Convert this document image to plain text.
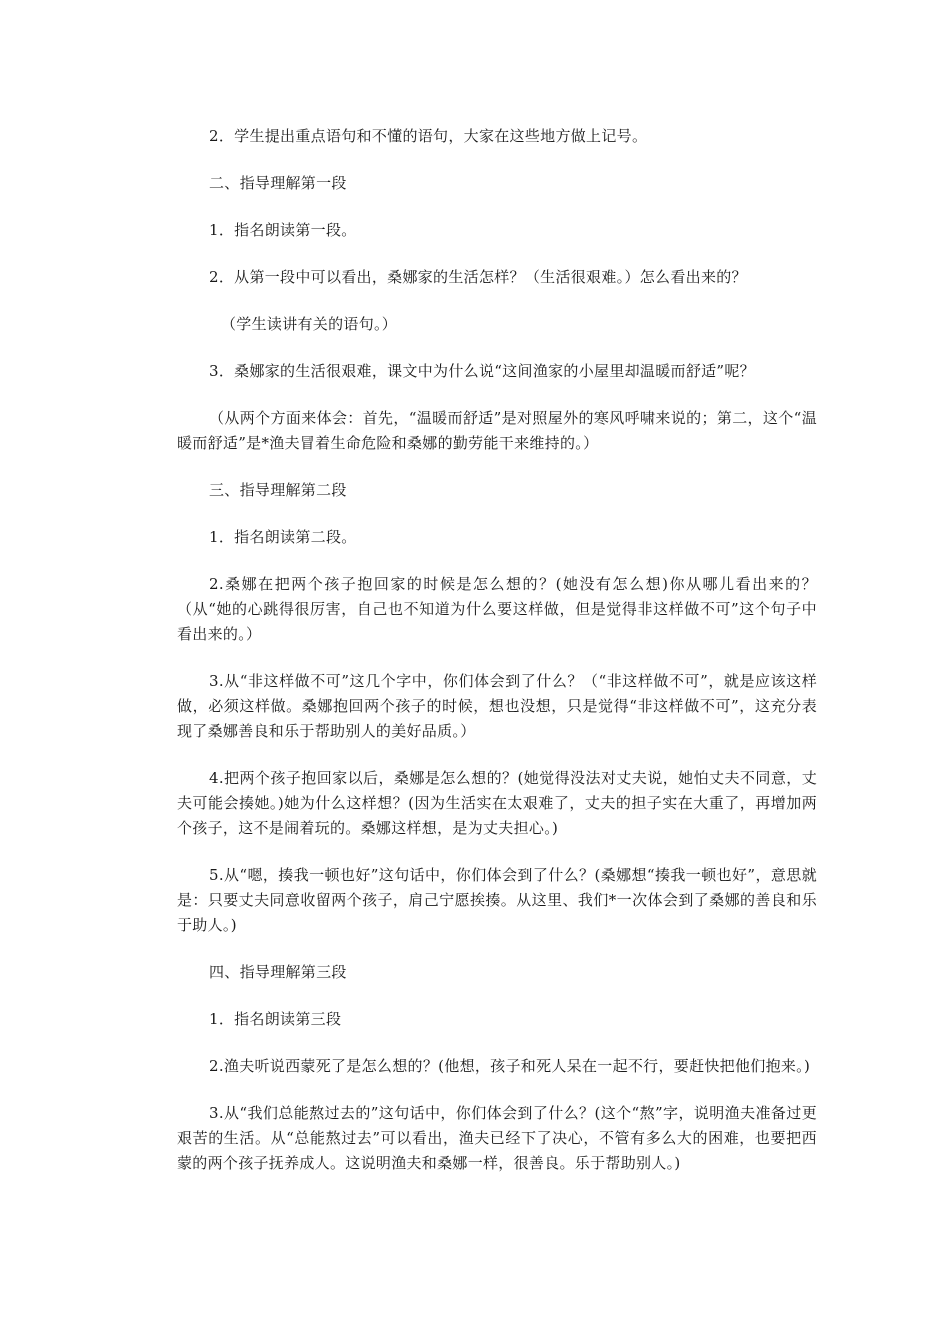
2．学生提出重点语句和不懂的语句，大家在这些地方做上记号。

二、指导理解第一段

1．指名朗读第一段。

2．从第一段中可以看出，桑娜家的生活怎样？（生活很艰难。）怎么看出来的？

（学生读讲有关的语句。）

3．桑娜家的生活很艰难，课文中为什么说“这间渔家的小屋里却温暖而舒适”呢？

（从两个方面来体会：首先，“温暖而舒适”是对照屋外的寒风呼啸来说的；第二，这个“温暖而舒适”是*渔夫冒着生命危险和桑娜的勤劳能干来维持的。）

三、指导理解第二段

1．指名朗读第二段。

2.桑娜在把两个孩子抱回家的时候是怎么想的？(她没有怎么想)你从哪儿看出来的？（从“她的心跳得很厉害，自己也不知道为什么要这样做，但是觉得非这样做不可”这个句子中看出来的。）

3.从“非这样做不可”这几个字中，你们体会到了什么？（“非这样做不可”，就是应该这样做，必须这样做。桑娜抱回两个孩子的时候，想也没想，只是觉得“非这样做不可”，这充分表现了桑娜善良和乐于帮助别人的美好品质。）

4.把两个孩子抱回家以后，桑娜是怎么想的？(她觉得没法对丈夫说，她怕丈夫不同意，丈夫可能会揍她。)她为什么这样想？(因为生活实在太艰难了，丈夫的担子实在大重了，再增加两个孩子，这不是闹着玩的。桑娜这样想，是为丈夫担心。)

5.从“嗯，揍我一顿也好”这句话中，你们体会到了什么？(桑娜想“揍我一顿也好”，意思就是：只要丈夫同意收留两个孩子，肩己宁愿挨揍。从这里、我们*一次体会到了桑娜的善良和乐于助人。)

四、指导理解第三段

1．指名朗读第三段

2.渔夫听说西蒙死了是怎么想的？(他想，孩子和死人呆在一起不行，要赶快把他们抱来。)

3.从“我们总能熬过去的”这句话中，你们体会到了什么？(这个“熬”字，说明渔夫准备过更艰苦的生活。从“总能熬过去”可以看出，渔夫已经下了决心，不管有多么大的困难，也要把西蒙的两个孩子抚养成人。这说明渔夫和桑娜一样，很善良。乐于帮助别人。)
